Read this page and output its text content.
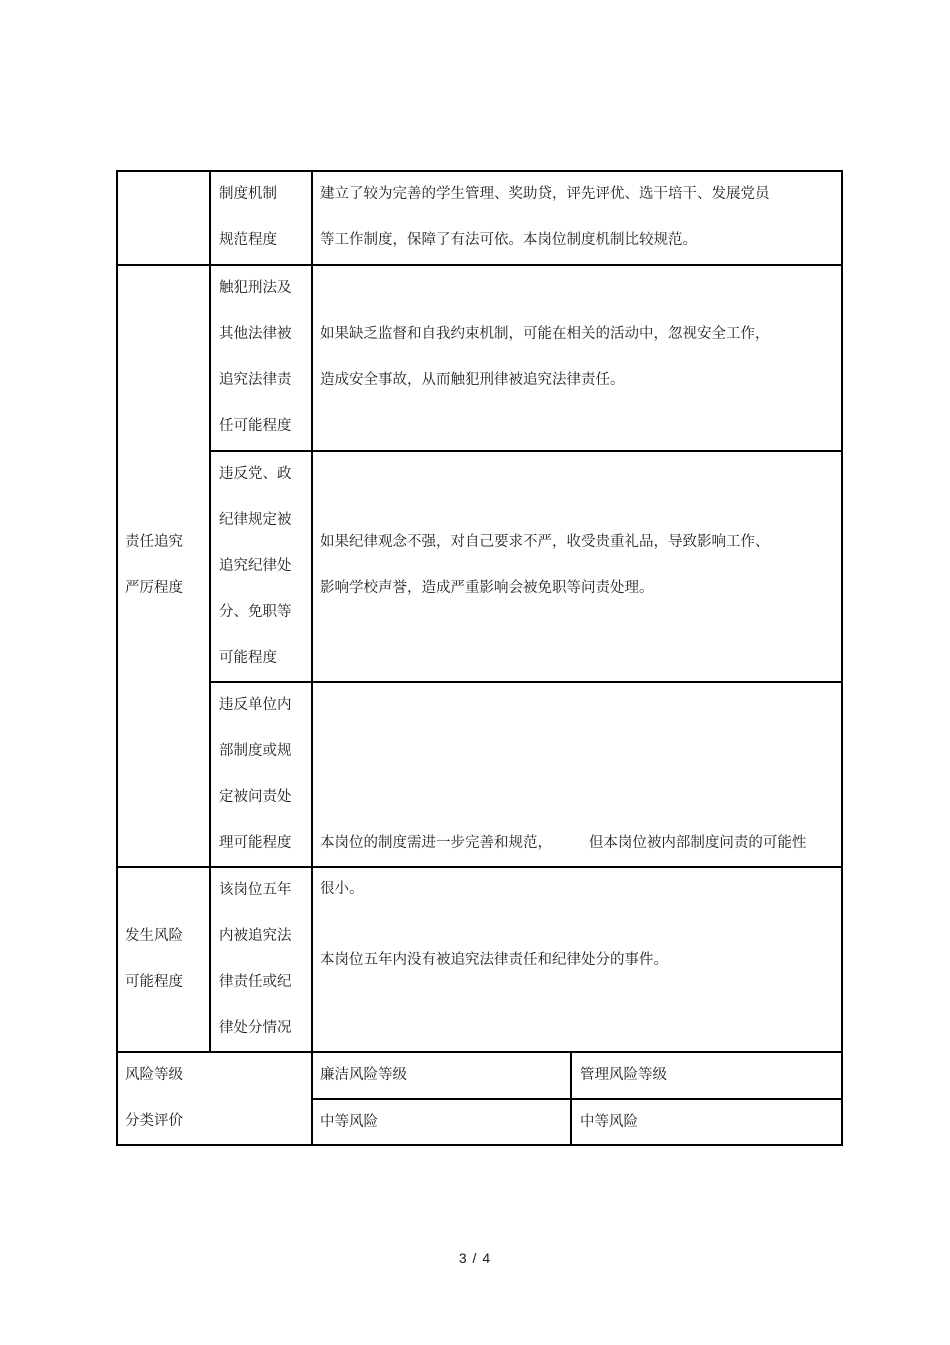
制度机制
规范程度
建立了较为完善的学生管理、奖助贷，评先评优、选干培干、发展党员
等工作制度，保障了有法可依。本岗位制度机制比较规范。
责任追究
严厉程度
触犯刑法及
其他法律被
追究法律责
任可能程度
如果缺乏监督和自我约束机制，可能在相关的活动中，忽视安全工作，
造成安全事故，从而触犯刑律被追究法律责任。
违反党、政
纪律规定被
追究纪律处
分、免职等
可能程度
如果纪律观念不强，对自己要求不严，收受贵重礼品，导致影响工作、
影响学校声誉，造成严重影响会被免职等问责处理。
违反单位内
部制度或规
定被问责处
理可能程度

本岗位的制度需进一步完善和规范，        但本岗位被内部制度问责的可能性
很小。

发生风险
可能程度
该岗位五年
内被追究法
律责任或纪
律处分情况
本岗位五年内没有被追究法律责任和纪律处分的事件。
风险等级
分类评价
廉洁风险等级	管理风险等级
中等风险	中等风险
3 / 4
